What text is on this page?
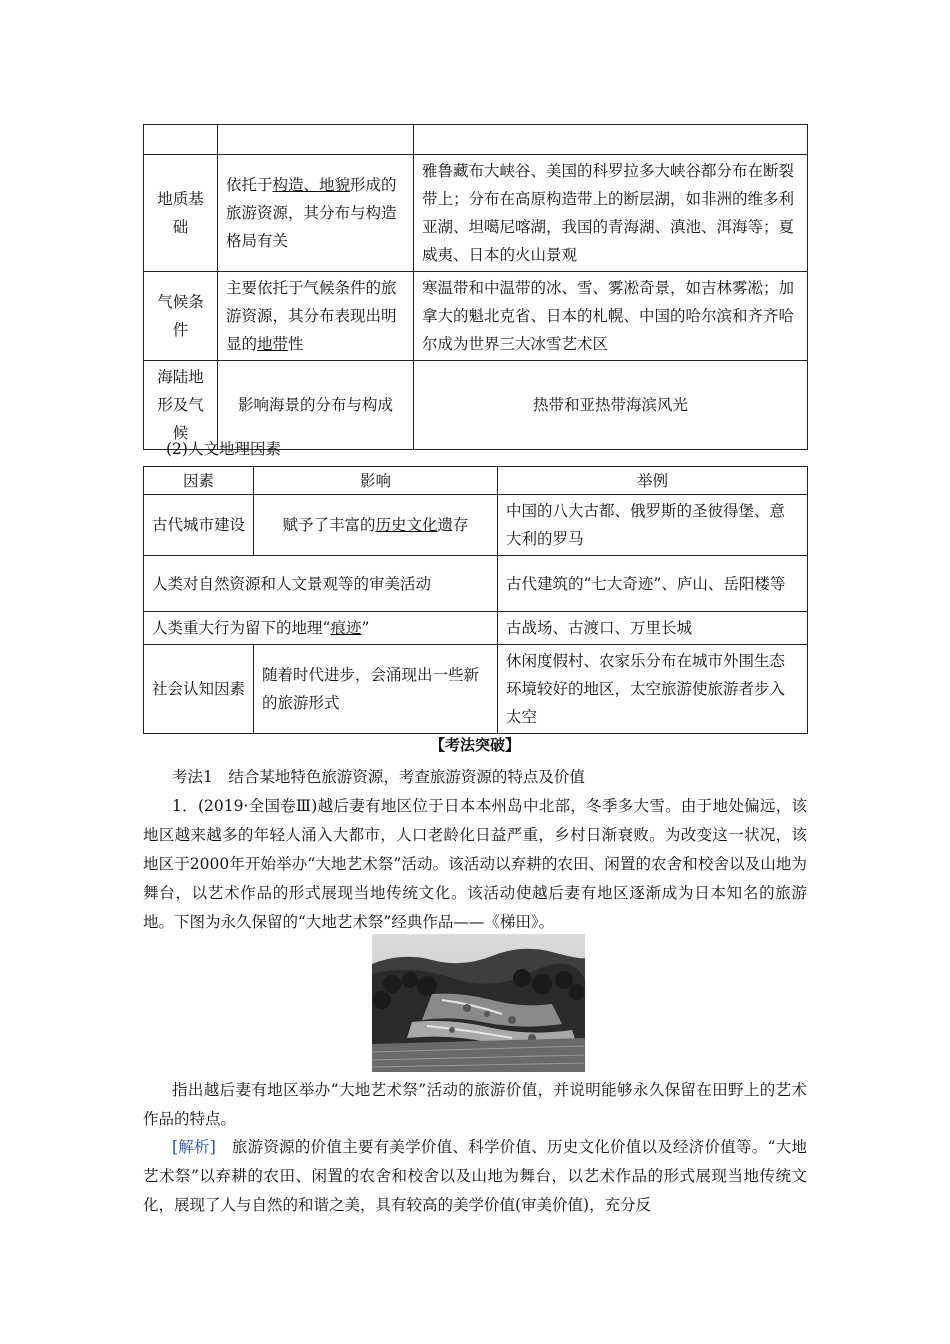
地质基础	依托于构造、地貌形成的旅游资源，其分布与构造格局有关	雅鲁藏布大峡谷、美国的科罗拉多大峡谷都分布在断裂带上；分布在高原构造带上的断层湖，如非洲的维多利亚湖、坦噶尼喀湖，我国的青海湖、滇池、洱海等；夏威夷、日本的火山景观
气候条件	主要依托于气候条件的旅游资源，其分布表现出明显的地带性	寒温带和中温带的冰、雪、雾凇奇景，如吉林雾凇；加拿大的魁北克省、日本的札幌、中国的哈尔滨和齐齐哈尔成为世界三大冰雪艺术区
海陆地形及气候	影响海景的分布与构成	热带和亚热带海滨风光
(2)人文地理因素
因素	影响	举例
古代城市建设	赋予了丰富的历史文化遗存	中国的八大古都、俄罗斯的圣彼得堡、意大利的罗马
人类对自然资源和人文景观等的审美活动		古代建筑的“七大奇迹”、庐山、岳阳楼等
人类重大行为留下的地理“痕迹”		古战场、古渡口、万里长城
社会认知因素	随着时代进步，会涌现出一些新的旅游形式	休闲度假村、农家乐分布在城市外围生态环境较好的地区，太空旅游使旅游者步入太空
【考法突破】
考法1　结合某地特色旅游资源，考查旅游资源的特点及价值
1．(2019·全国卷Ⅲ)越后妻有地区位于日本本州岛中北部，冬季多大雪。由于地处偏远，该地区越来越多的年轻人涌入大都市，人口老龄化日益严重，乡村日渐衰败。为改变这一状况，该地区于2000年开始举办“大地艺术祭”活动。该活动以弃耕的农田、闲置的农舍和校舍以及山地为舞台，以艺术作品的形式展现当地传统文化。该活动使越后妻有地区逐渐成为日本知名的旅游地。下图为永久保留的“大地艺术祭”经典作品——《梯田》。
指出越后妻有地区举办“大地艺术祭”活动的旅游价值，并说明能够永久保留在田野上的艺术作品的特点。
[解析]　 旅游资源的价值主要有美学价值、科学价值、历史文化价值以及经济价值等。“大地艺术祭”以弃耕的农田、闲置的农舍和校舍以及山地为舞台，以艺术作品的形式展现当地传统文化，展现了人与自然的和谐之美，具有较高的美学价值(审美价值)，充分反
